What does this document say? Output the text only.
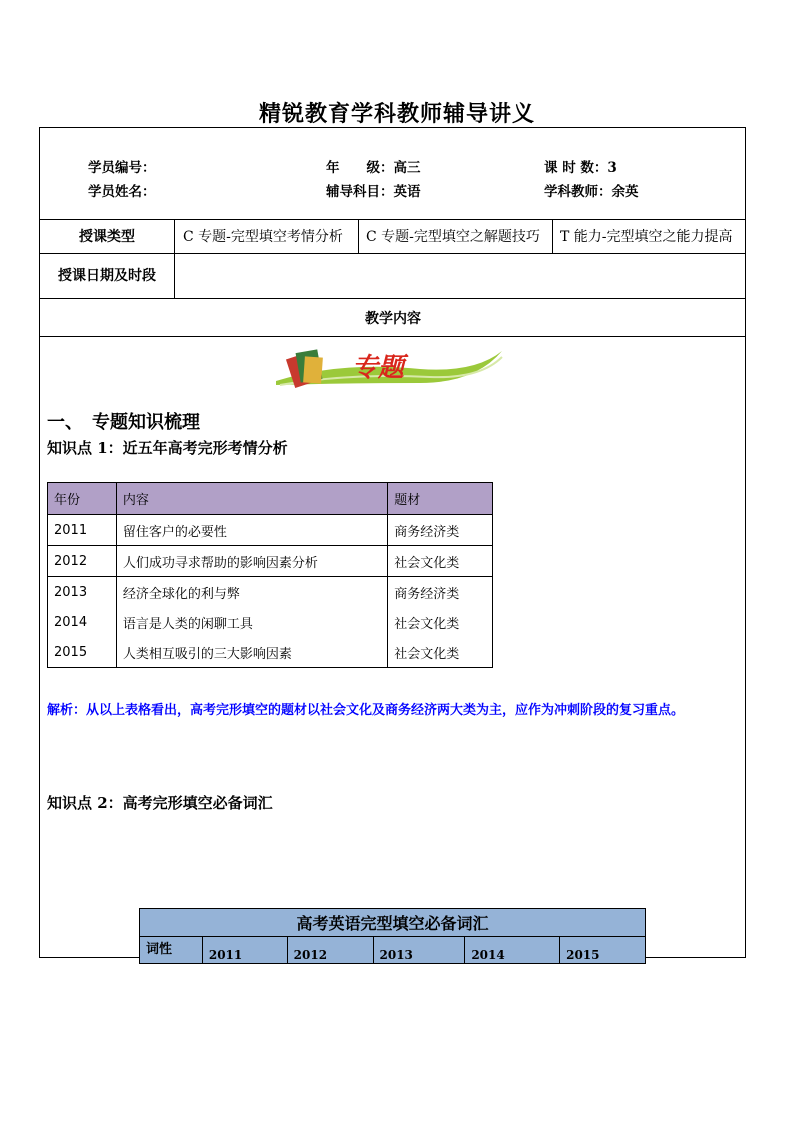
精锐教育学科教师辅导讲义
学员编号：	年　　级：高三	课 时 数：3
学员姓名：	辅导科目：英语	学科教师：余英
授课类型	C 专题-完型填空考情分析 C 专题-完型填空之解题技巧 T 能力-完型填空之能力提高
授课日期及时段
教学内容
专题
一、　专题知识梳理
知识点 1：近五年高考完形考情分析
年份	内容	题材
2011	留住客户的必要性	商务经济类
2012	人们成功寻求帮助的影响因素分析	社会文化类
2013	经济全球化的利与弊	商务经济类
2014	语言是人类的闲聊工具	社会文化类
2015	人类相互吸引的三大影响因素	社会文化类
解析：从以上表格看出，高考完形填空的题材以社会文化及商务经济两大类为主，应作为冲刺阶段的复习重点。
知识点 2：高考完形填空必备词汇
高考英语完型填空必备词汇
词性	2011	2012	2013	2014	2015
